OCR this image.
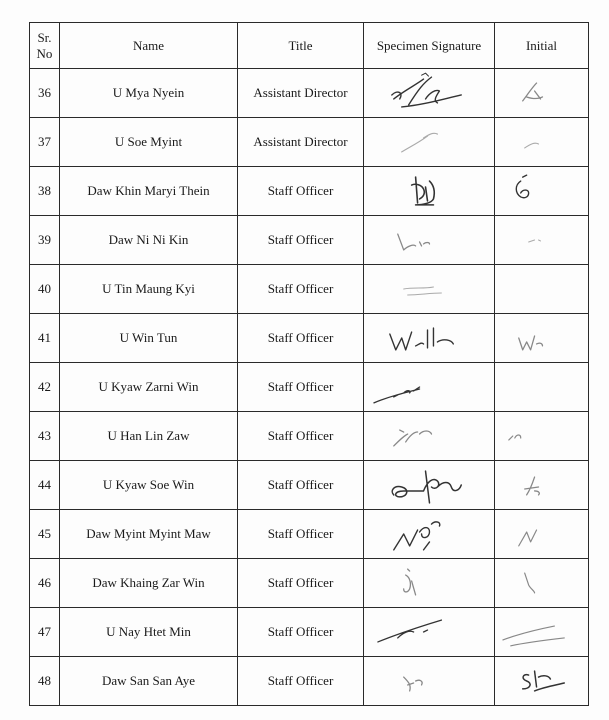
Sr.
No	Name	Title	Specimen Signature	Initial

36	U Mya Nyein	Assistant Director	

37	U Soe Myint	Assistant Director	

38	Daw Khin Maryi Thein	Staff Officer	

39	Daw Ni Ni Kin	Staff Officer	

40	U Tin Maung Kyi	Staff Officer	

41	U Win Tun	Staff Officer	

42	U Kyaw Zarni Win	Staff Officer	

43	U Han Lin Zaw	Staff Officer	

44	U Kyaw Soe Win	Staff Officer	

45	Daw Myint Myint Maw	Staff Officer	

46	Daw Khaing Zar Win	Staff Officer	

47	U Nay Htet Min	Staff Officer	

48	Daw San San Aye	Staff Officer	
